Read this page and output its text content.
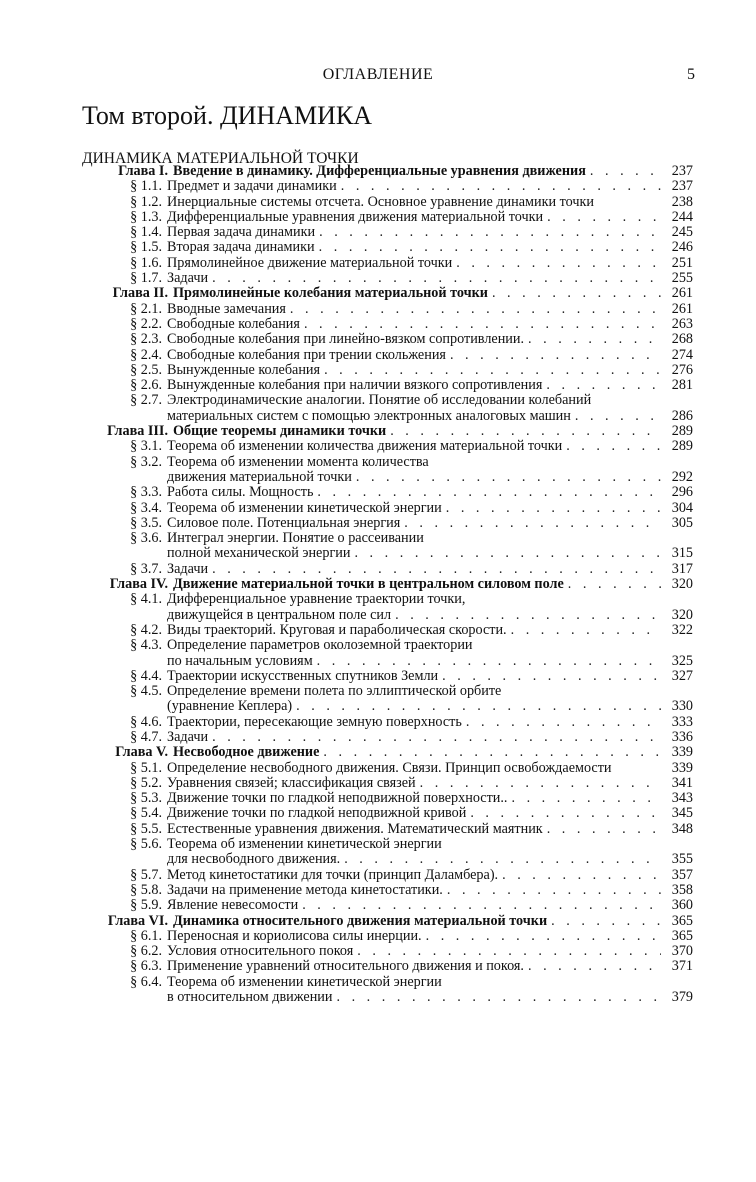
ОГЛАВЛЕНИЕ	5
Том второй. ДИНАМИКА
ДИНАМИКА МАТЕРИАЛЬНОЙ ТОЧКИ
Глава I. Введение в динамику. Дифференциальные уравнения движения . . .	237
§ 1.1. Предмет и задачи динамики . . .	237
§ 1.2. Инерциальные системы отсчета. Основное уравнение динамики точки	238
§ 1.3. Дифференциальные уравнения движения материальной точки . . .	244
§ 1.4. Первая задача динамики . . .	245
§ 1.5. Вторая задача динамики . . .	246
§ 1.6. Прямолинейное движение материальной точки . . .	251
§ 1.7. Задачи . . .	255
Глава II. Прямолинейные колебания материальной точки . . .	261
§ 2.1. Вводные замечания . . .	261
§ 2.2. Свободные колебания . . .	263
§ 2.3. Свободные колебания при линейно-вязком сопротивлении. . . .	268
§ 2.4. Свободные колебания при трении скольжения . . .	274
§ 2.5. Вынужденные колебания . . .	276
§ 2.6. Вынужденные колебания при наличии вязкого сопротивления . . .	281
§ 2.7. Электродинамические аналогии. Понятие об исследовании колебаний
материальных систем с помощью электронных аналоговых машин . . .	286
Глава III. Общие теоремы динамики точки . . .	289
§ 3.1. Теорема об изменении количества движения материальной точки . . .	289
§ 3.2. Теорема об изменении момента количества
движения материальной точки . . .	292
§ 3.3. Работа силы. Мощность . . .	296
§ 3.4. Теорема об изменении кинетической энергии . . .	304
§ 3.5. Силовое поле. Потенциальная энергия . . .	305
§ 3.6. Интеграл энергии. Понятие о рассеивании
полной механической энергии . . .	315
§ 3.7. Задачи . . .	317
Глава IV. Движение материальной точки в центральном силовом поле . . .	320
§ 4.1. Дифференциальное уравнение траектории точки,
движущейся в центральном поле сил . . .	320
§ 4.2. Виды траекторий. Круговая и параболическая скорости. . . .	322
§ 4.3. Определение параметров околоземной траектории
по начальным условиям . . .	325
§ 4.4. Траектории искусственных спутников Земли . . .	327
§ 4.5. Определение времени полета по эллиптической орбите
(уравнение Кеплера) . . .	330
§ 4.6. Траектории, пересекающие земную поверхность . . .	333
§ 4.7. Задачи . . .	336
Глава V. Несвободное движение . . .	339
§ 5.1. Определение несвободного движения. Связи. Принцип освобождаемости	339
§ 5.2. Уравнения связей; классификация связей . . .	341
§ 5.3. Движение точки по гладкой неподвижной поверхности.. . . .	343
§ 5.4. Движение точки по гладкой неподвижной кривой . . .	345
§ 5.5. Естественные уравнения движения. Математический маятник . . .	348
§ 5.6. Теорема об изменении кинетической энергии
для несвободного движения. . . .	355
§ 5.7. Метод кинетостатики для точки (принцип Даламбера). . . .	357
§ 5.8. Задачи на применение метода кинетостатики. . . .	358
§ 5.9. Явление невесомости . . .	360
Глава VI. Динамика относительного движения материальной точки . . .	365
§ 6.1. Переносная и кориолисова силы инерции. . . .	365
§ 6.2. Условия относительного покоя . . .	370
§ 6.3. Применение уравнений относительного движения и покоя. . . .	371
§ 6.4. Теорема об изменении кинетической энергии
в относительном движении . . .	379
